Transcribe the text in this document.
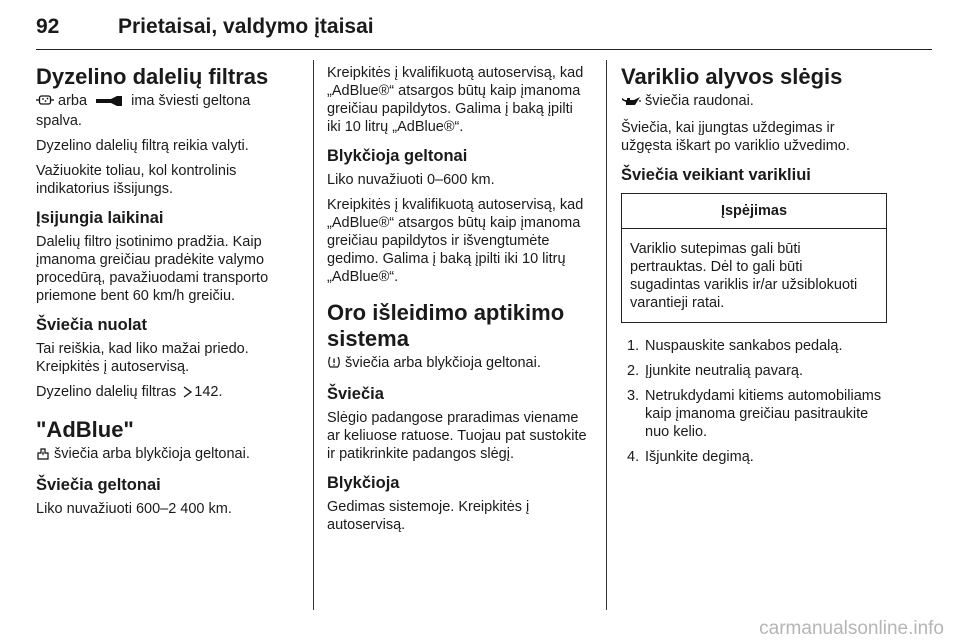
92	Prietaisai, valdymo įtaisai
Dyzelino dalelių filtras

arba	ima šviesti geltona spalva.

Dyzelino dalelių filtrą reikia valyti.

Važiuokite toliau, kol kontrolinis indikatorius išsijungs.

Įsijungia laikinai

Dalelių filtro įsotinimo pradžia. Kaip įmanoma greičiau pradėkite valymo procedūrą, pavažiuodami transporto priemone bent 60 km/h greičiu.

Šviečia nuolat

Tai reiškia, kad liko mažai priedo. Kreipkitės į autoservisą.

Dyzelino dalelių filtras 142.

"AdBlue"

šviečia arba blykčioja geltonai.

Šviečia geltonai

Liko nuvažiuoti 600–2 400 km.

Kreipkitės į kvalifikuotą autoservisą, kad „AdBlue®“ atsargos būtų kaip įmanoma greičiau papildytos. Galima į baką įpilti iki 10 litrų „AdBlue®“.

Blykčioja geltonai

Liko nuvažiuoti 0–600 km.

Kreipkitės į kvalifikuotą autoservisą, kad „AdBlue®“ atsargos būtų kaip įmanoma greičiau papildytos ir išvengtumėte gedimo. Galima į baką įpilti iki 10 litrų „AdBlue®“.

Oro išleidimo aptikimo sistema

šviečia arba blykčioja geltonai.

Šviečia

Slėgio padangose praradimas viename ar keliuose ratuose. Tuojau pat sustokite ir patikrinkite padangos slėgį.

Blykčioja

Gedimas sistemoje. Kreipkitės į autoservisą.

Variklio alyvos slėgis

šviečia raudonai.

Šviečia, kai įjungtas uždegimas ir užgęsta iškart po variklio užvedimo.

Šviečia veikiant varikliui
Įspėjimas
Variklio sutepimas gali būti pertrauktas. Dėl to gali būti sugadintas variklis ir/ar užsiblokuoti varantieji ratai.
1. Nuspauskite sankabos pedalą.
2. Įjunkite neutralią pavarą.
3. Netrukdydami kitiems automobiliams kaip įmanoma greičiau pasitraukite nuo kelio.
4. Išjunkite degimą.
carmanualsonline.info
